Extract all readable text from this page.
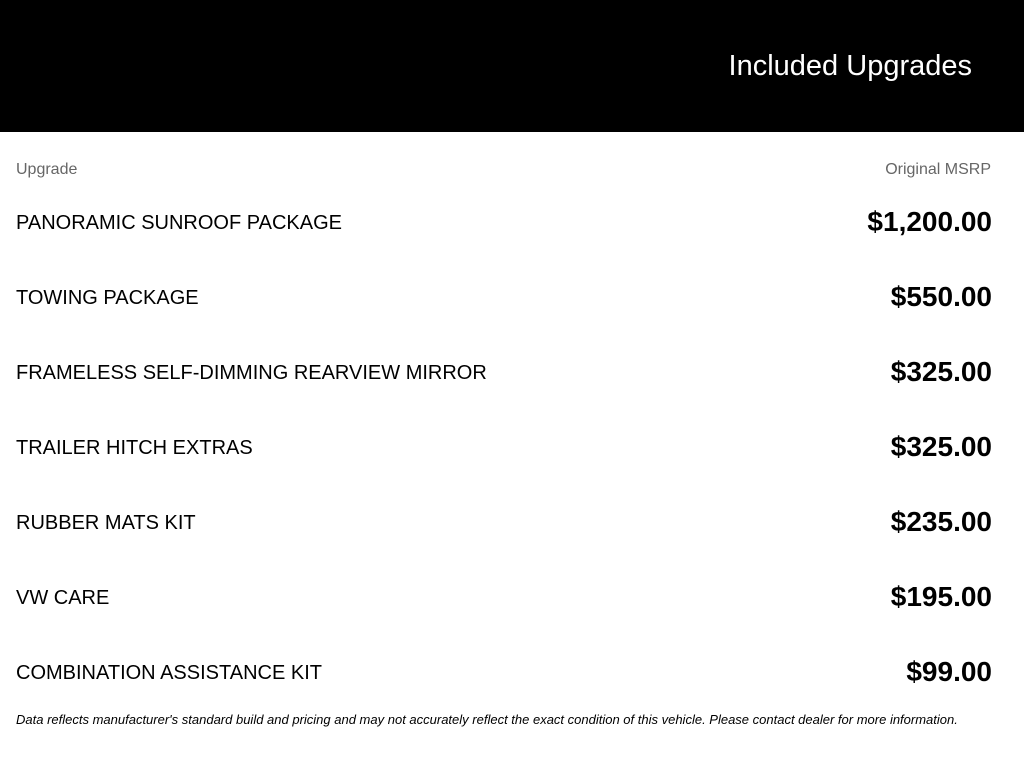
Included Upgrades
Upgrade	Original MSRP
PANORAMIC SUNROOF PACKAGE	$1,200.00
TOWING PACKAGE	$550.00
FRAMELESS SELF-DIMMING REARVIEW MIRROR	$325.00
TRAILER HITCH EXTRAS	$325.00
RUBBER MATS KIT	$235.00
VW CARE	$195.00
COMBINATION ASSISTANCE KIT	$99.00
Data reflects manufacturer's standard build and pricing and may not accurately reflect the exact condition of this vehicle. Please contact dealer for more information.
